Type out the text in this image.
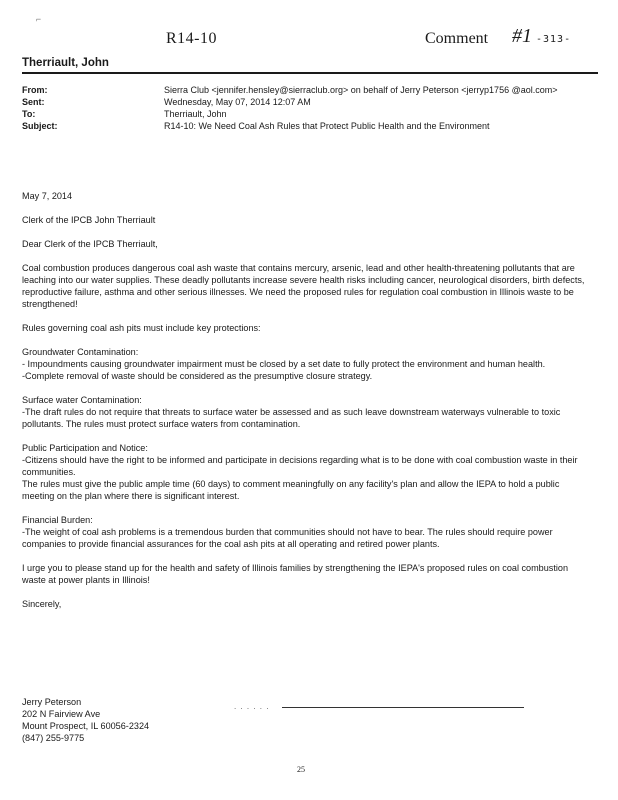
⌐
R14-10	Comment #1 -313-
Therriault, John
From:	Sierra Club <jennifer.hensley@sierraclub.org> on behalf of Jerry Peterson <jerryp1756 @aol.com>
Sent:	Wednesday, May 07, 2014 12:07 AM
To:	Therriault, John
Subject:	R14-10: We Need Coal Ash Rules that Protect Public Health and the Environment

May 7, 2014

Clerk of the IPCB John Therriault

Dear Clerk of the IPCB Therriault,

Coal combustion produces dangerous coal ash waste that contains mercury, arsenic, lead and other health-threatening pollutants that are leaching into our water supplies. These deadly pollutants increase severe health risks including cancer, neurological disorders, birth defects, reproductive failure, asthma and other serious illnesses. We need the proposed rules for regulation coal combustion in Illinois waste to be strengthened!

Rules governing coal ash pits must include key protections:

Groundwater Contamination:
- Impoundments causing groundwater impairment must be closed by a set date to fully protect the environment and human health.
-Complete removal of waste should be considered as the presumptive closure strategy.

Surface water Contamination:
-The draft rules do not require that threats to surface water be assessed and as such leave downstream waterways vulnerable to toxic pollutants. The rules must protect surface waters from contamination.

Public Participation and Notice:
-Citizens should have the right to be informed and participate in decisions regarding what is to be done with coal combustion waste in their communities.
The rules must give the public ample time (60 days) to comment meaningfully on any facility's plan and allow the IEPA to hold a public meeting on the plan where there is significant interest.

Financial Burden:
-The weight of coal ash problems is a tremendous burden that communities should not have to bear. The rules should require power companies to provide financial assurances for the coal ash pits at all operating and retired power plants.

I urge you to please stand up for the health and safety of Illinois families by strengthening the IEPA's proposed rules on coal combustion waste at power plants in Illinois!

Sincerely,

Jerry Peterson
202 N Fairview Ave
Mount Prospect, IL 60056-2324
(847) 255-9775
. . . . . .
25
